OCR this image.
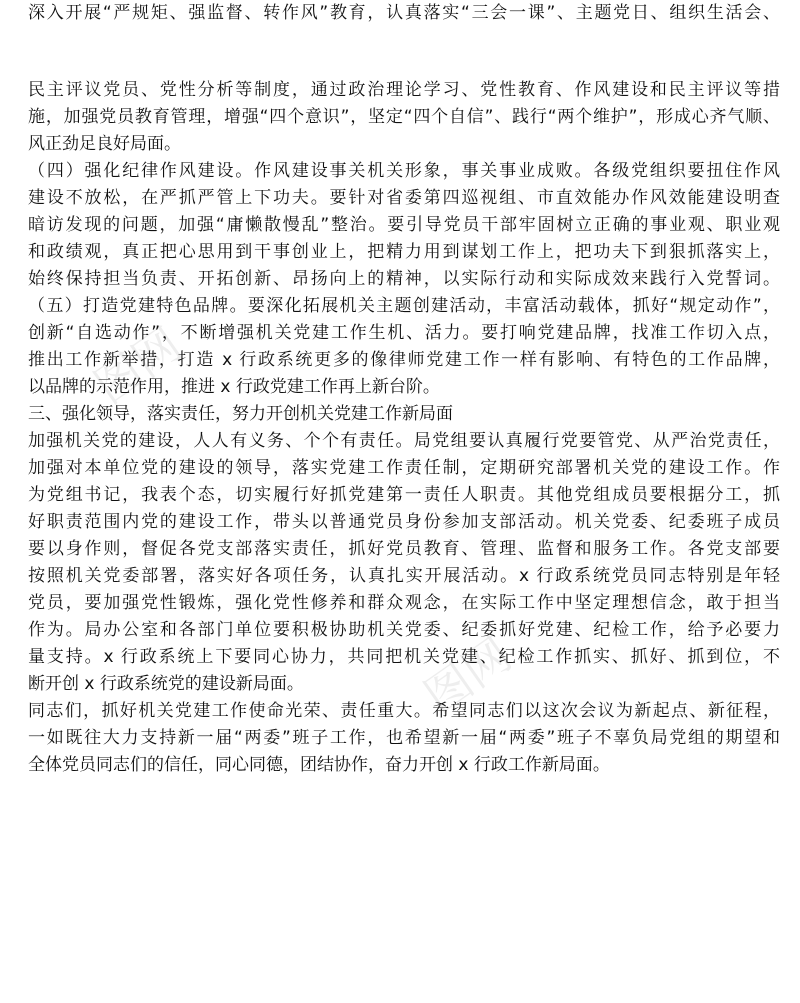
图网
图网
深入开展“严规矩、强监督、转作风”教育，认真落实“三会一课”、主题党日、组织生活会、
民主评议党员、党性分析等制度，通过政治理论学习、党性教育、作风建设和民主评议等措
施，加强党员教育管理，增强“四个意识”，坚定“四个自信”、践行“两个维护”，形成心齐气顺、
风正劲足良好局面。
（四）强化纪律作风建设。作风建设事关机关形象，事关事业成败。各级党组织要扭住作风
建设不放松，在严抓严管上下功夫。要针对省委第四巡视组、市直效能办作风效能建设明查
暗访发现的问题，加强“庸懒散慢乱”整治。要引导党员干部牢固树立正确的事业观、职业观
和政绩观，真正把心思用到干事创业上，把精力用到谋划工作上，把功夫下到狠抓落实上，
始终保持担当负责、开拓创新、昂扬向上的精神，以实际行动和实际成效来践行入党誓词。
（五）打造党建特色品牌。要深化拓展机关主题创建活动，丰富活动载体，抓好“规定动作”，
创新“自选动作”，不断增强机关党建工作生机、活力。要打响党建品牌，找准工作切入点，
推出工作新举措，打造 x 行政系统更多的像律师党建工作一样有影响、有特色的工作品牌，
以品牌的示范作用，推进 x 行政党建工作再上新台阶。
三、强化领导，落实责任，努力开创机关党建工作新局面
加强机关党的建设，人人有义务、个个有责任。局党组要认真履行党要管党、从严治党责任，
加强对本单位党的建设的领导，落实党建工作责任制，定期研究部署机关党的建设工作。作
为党组书记，我表个态，切实履行好抓党建第一责任人职责。其他党组成员要根据分工，抓
好职责范围内党的建设工作，带头以普通党员身份参加支部活动。机关党委、纪委班子成员
要以身作则，督促各党支部落实责任，抓好党员教育、管理、监督和服务工作。各党支部要
按照机关党委部署，落实好各项任务，认真扎实开展活动。x 行政系统党员同志特别是年轻
党员，要加强党性锻炼，强化党性修养和群众观念，在实际工作中坚定理想信念，敢于担当
作为。局办公室和各部门单位要积极协助机关党委、纪委抓好党建、纪检工作，给予必要力
量支持。x 行政系统上下要同心协力，共同把机关党建、纪检工作抓实、抓好、抓到位，不
断开创 x 行政系统党的建设新局面。
同志们，抓好机关党建工作使命光荣、责任重大。希望同志们以这次会议为新起点、新征程，
一如既往大力支持新一届“两委”班子工作，也希望新一届“两委”班子不辜负局党组的期望和
全体党员同志们的信任，同心同德，团结协作，奋力开创 x 行政工作新局面。
